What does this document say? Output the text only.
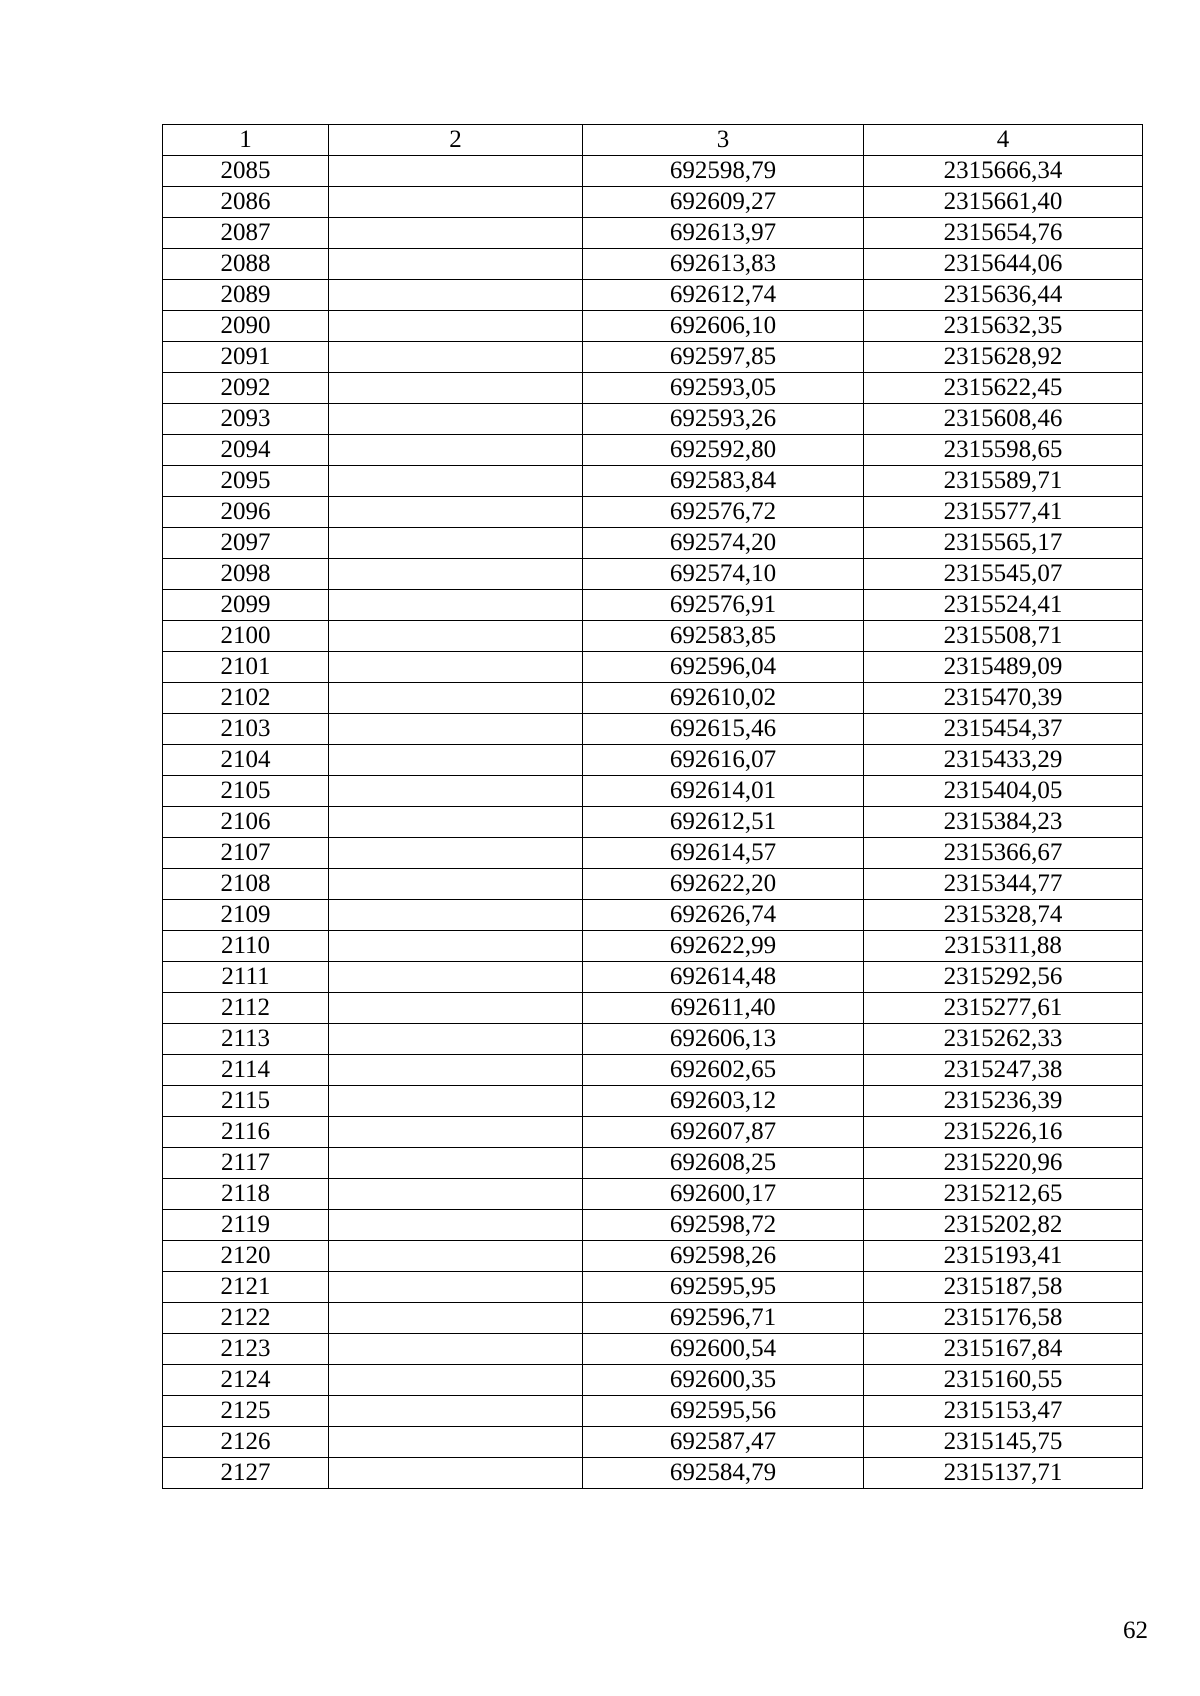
1	2	3	4
2085		692598,79	2315666,34
2086		692609,27	2315661,40
2087		692613,97	2315654,76
2088		692613,83	2315644,06
2089		692612,74	2315636,44
2090		692606,10	2315632,35
2091		692597,85	2315628,92
2092		692593,05	2315622,45
2093		692593,26	2315608,46
2094		692592,80	2315598,65
2095		692583,84	2315589,71
2096		692576,72	2315577,41
2097		692574,20	2315565,17
2098		692574,10	2315545,07
2099		692576,91	2315524,41
2100		692583,85	2315508,71
2101		692596,04	2315489,09
2102		692610,02	2315470,39
2103		692615,46	2315454,37
2104		692616,07	2315433,29
2105		692614,01	2315404,05
2106		692612,51	2315384,23
2107		692614,57	2315366,67
2108		692622,20	2315344,77
2109		692626,74	2315328,74
2110		692622,99	2315311,88
2111		692614,48	2315292,56
2112		692611,40	2315277,61
2113		692606,13	2315262,33
2114		692602,65	2315247,38
2115		692603,12	2315236,39
2116		692607,87	2315226,16
2117		692608,25	2315220,96
2118		692600,17	2315212,65
2119		692598,72	2315202,82
2120		692598,26	2315193,41
2121		692595,95	2315187,58
2122		692596,71	2315176,58
2123		692600,54	2315167,84
2124		692600,35	2315160,55
2125		692595,56	2315153,47
2126		692587,47	2315145,75
2127		692584,79	2315137,71
62
